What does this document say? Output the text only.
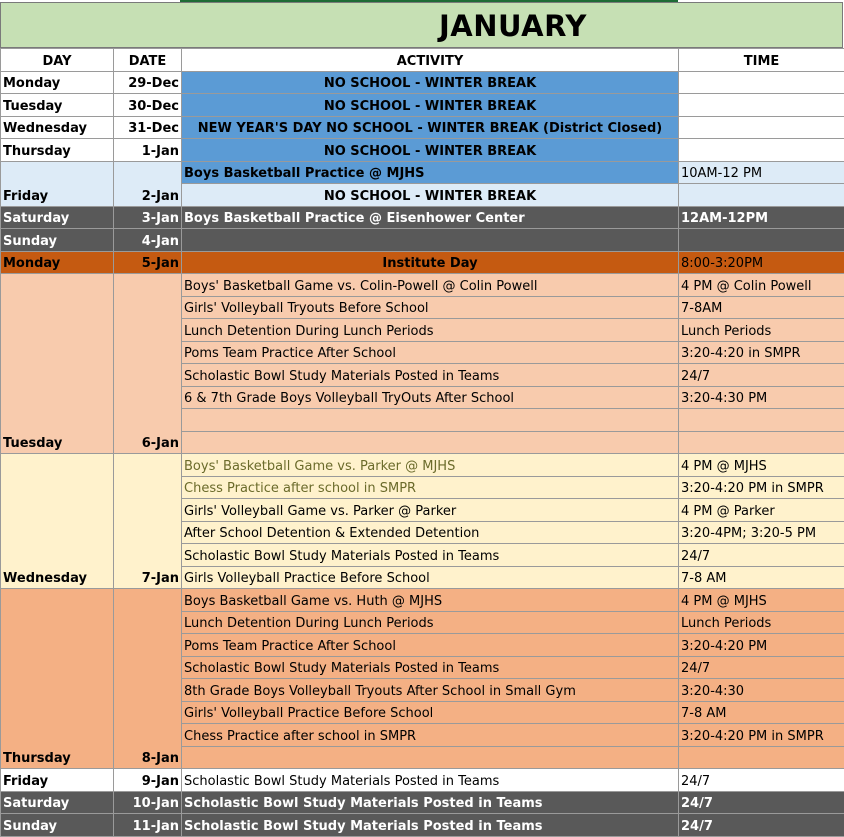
JANUARY
DAY	DATE	ACTIVITY	TIME
Monday	29-Dec	NO SCHOOL - WINTER BREAK	
Tuesday	30-Dec	NO SCHOOL - WINTER BREAK	
Wednesday	31-Dec	NEW YEAR'S DAY NO SCHOOL - WINTER BREAK (District Closed)	
Thursday	1-Jan	NO SCHOOL - WINTER BREAK	
Friday	2-Jan	Boys Basketball Practice @ MJHS	10AM-12 PM
		NO SCHOOL - WINTER BREAK	
Saturday	3-Jan	Boys Basketball Practice @ Eisenhower Center	12AM-12PM
Sunday	4-Jan		
Monday	5-Jan	Institute Day	8:00-3:20PM
Tuesday	6-Jan	Boys' Basketball Game vs. Colin-Powell @ Colin Powell	4 PM @ Colin Powell
		Girls' Volleyball Tryouts Before School	7-8AM
		Lunch Detention During Lunch Periods	Lunch Periods
		Poms Team Practice After School	3:20-4:20 in SMPR
		Scholastic Bowl Study Materials Posted in Teams	24/7
		6 & 7th Grade Boys Volleyball TryOuts After School	3:20-4:30 PM

Wednesday	7-Jan	Boys' Basketball Game vs. Parker @ MJHS	4 PM @ MJHS
		Chess Practice after school in SMPR	3:20-4:20 PM in SMPR
		Girls' Volleyball Game vs. Parker @ Parker	4 PM @ Parker
		After School Detention & Extended Detention	3:20-4PM; 3:20-5 PM
		Scholastic Bowl Study Materials Posted in Teams	24/7
		Girls Volleyball Practice Before School	7-8 AM
Thursday	8-Jan	Boys Basketball Game vs. Huth @ MJHS	4 PM @ MJHS
		Lunch Detention During Lunch Periods	Lunch Periods
		Poms Team Practice After School	3:20-4:20 PM
		Scholastic Bowl Study Materials Posted in Teams	24/7
		8th Grade Boys Volleyball Tryouts After School in Small Gym	3:20-4:30
		Girls' Volleyball Practice Before School	7-8 AM
		Chess Practice after school in SMPR	3:20-4:20 PM in SMPR

Friday	9-Jan	Scholastic Bowl Study Materials Posted in Teams	24/7
Saturday	10-Jan	Scholastic Bowl Study Materials Posted in Teams	24/7
Sunday	11-Jan	Scholastic Bowl Study Materials Posted in Teams	24/7
